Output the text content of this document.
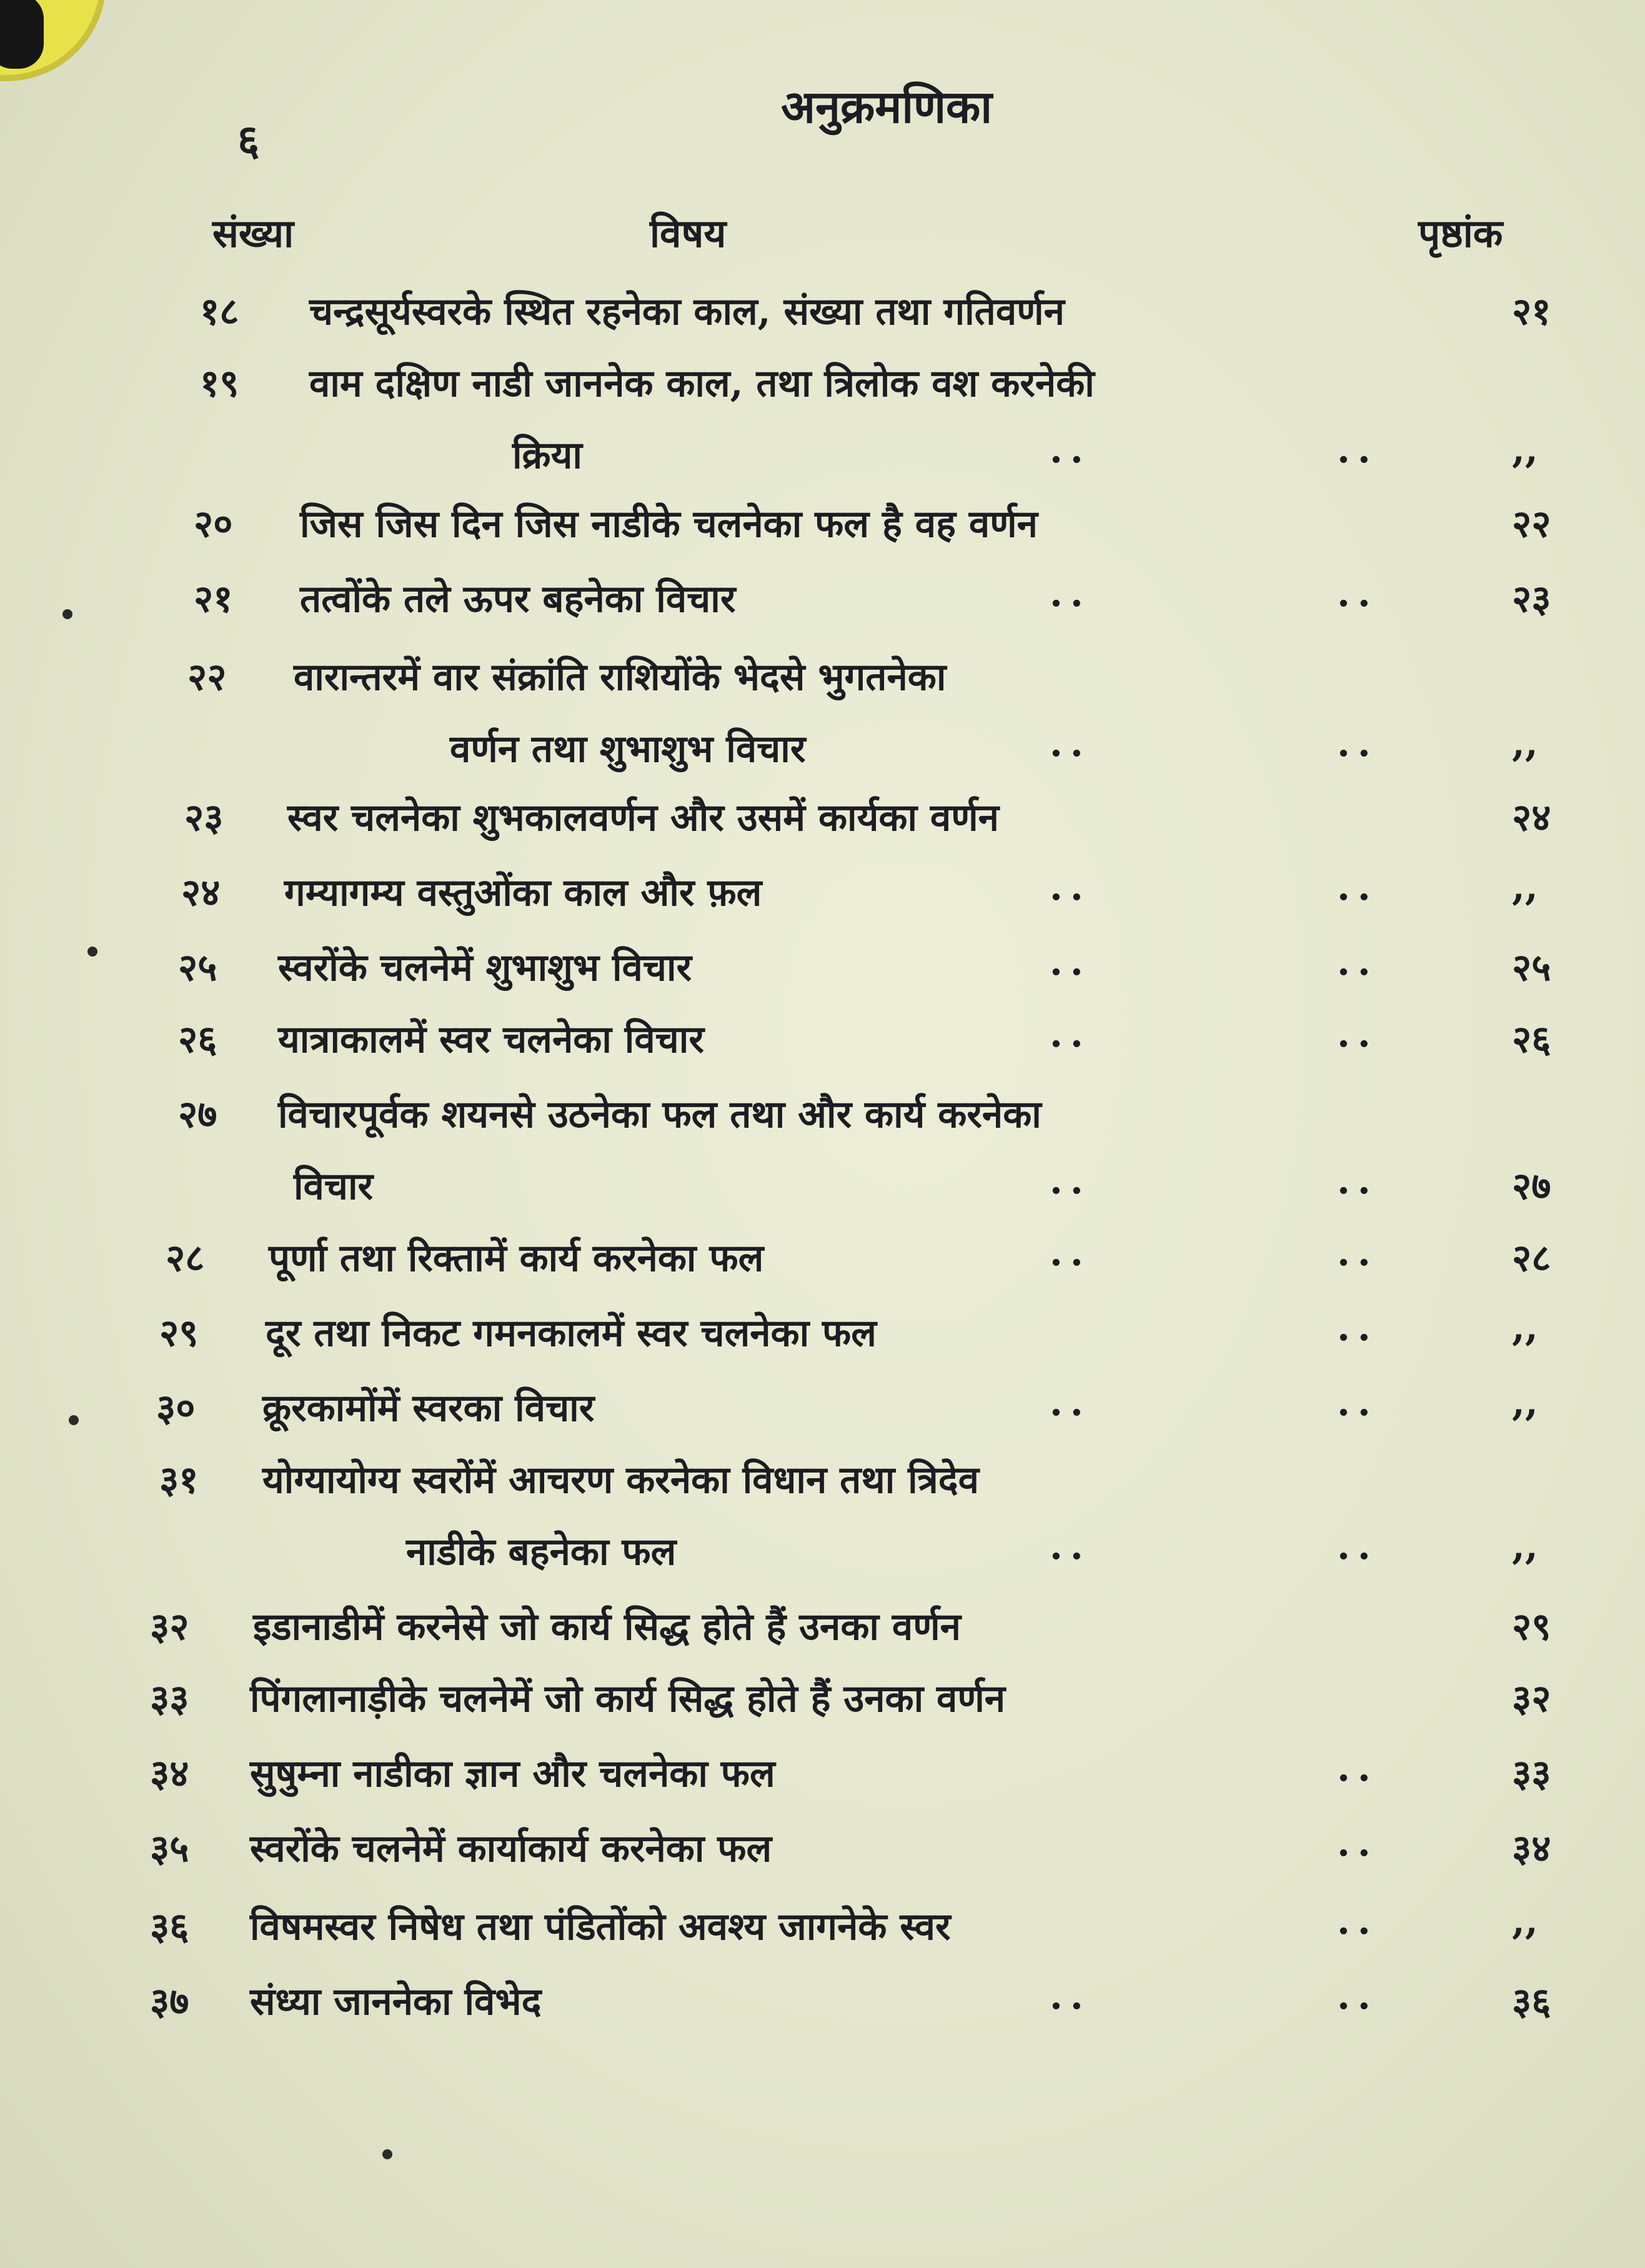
६
अनुक्रमणिका
संख्या	विषय	पृष्ठांक
१८ चन्द्रसूर्यस्वरके स्थित रहनेका काल, संख्या तथा गतिवर्णन	२१
१९ वाम दक्षिण नाडी जाननेक काल, तथा त्रिलोक वश करनेकी
क्रिया	..	..	,,
२० जिस जिस दिन जिस नाडीके चलनेका फल है वह वर्णन	२२
२१ तत्वोंके तले ऊपर बहनेका विचार	..	..	२३
२२ वारान्तरमें वार संक्रांति राशियोंके भेदसे भुगतनेका
वर्णन तथा शुभाशुभ विचार	..	..	,,
२३ स्वर चलनेका शुभकालवर्णन और उसमें कार्यका वर्णन	२४
२४ गम्यागम्य वस्तुओंका काल और फ़ल	..	..	,,
२५ स्वरोंके चलनेमें शुभाशुभ विचार	..	..	२५
२६ यात्राकालमें स्वर चलनेका विचार	..	..	२६
२७ विचारपूर्वक शयनसे उठनेका फल तथा और कार्य करनेका
विचार	..	..	२७
२८ पूर्णा तथा रिक्तामें कार्य करनेका फल	..	..	२८
२९ दूर तथा निकट गमनकालमें स्वर चलनेका फल	..	,,
३० क्रूरकामोंमें स्वरका विचार	..	..	,,
३१ योग्यायोग्य स्वरोंमें आचरण करनेका विधान तथा त्रिदेव
नाडीके बहनेका फल	..	..	,,
३२ इडानाडीमें करनेसे जो कार्य सिद्ध होते हैं उनका वर्णन	२९
३३ पिंगलानाड़ीके चलनेमें जो कार्य सिद्ध होते हैं उनका वर्णन	३२
३४ सुषुम्ना नाडीका ज्ञान और चलनेका फल	..	३३
३५ स्वरोंके चलनेमें कार्याकार्य करनेका फल	..	३४
३६ विषमस्वर निषेध तथा पंडितोंको अवश्य जागनेके स्वर	..	,,
३७ संध्या जाननेका विभेद	..	..	३६
